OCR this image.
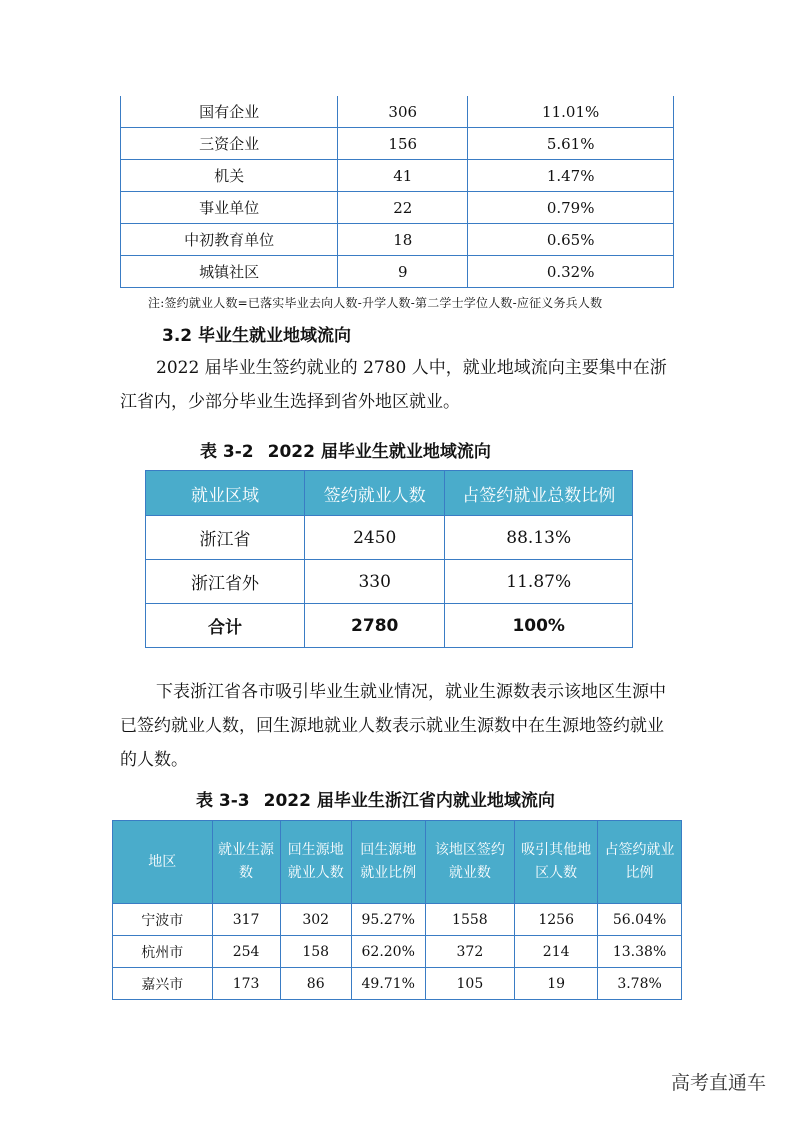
国有企业	306	11.01%
三资企业	156	5.61%
机关	41	1.47%
事业单位	22	0.79%
中初教育单位	18	0.65%
城镇社区	9	0.32%
注:签约就业人数=已落实毕业去向人数-升学人数-第二学士学位人数-应征义务兵人数
3.2 毕业生就业地域流向
2022 届毕业生签约就业的 2780 人中，就业地域流向主要集中在浙江省内，少部分毕业生选择到省外地区就业。
表 3-2 2022 届毕业生就业地域流向
就业区域	签约就业人数	占签约就业总数比例
浙江省	2450	88.13%
浙江省外	330	11.87%
合计	2780	100%
下表浙江省各市吸引毕业生就业情况，就业生源数表示该地区生源中已签约就业人数，回生源地就业人数表示就业生源数中在生源地签约就业的人数。
表 3-3 2022 届毕业生浙江省内就业地域流向
地区	就业生源数	回生源地就业人数	回生源地就业比例	该地区签约就业数	吸引其他地区人数	占签约就业比例
宁波市	317	302	95.27%	1558	1256	56.04%
杭州市	254	158	62.20%	372	214	13.38%
嘉兴市	173	86	49.71%	105	19	3.78%
高考直通车
